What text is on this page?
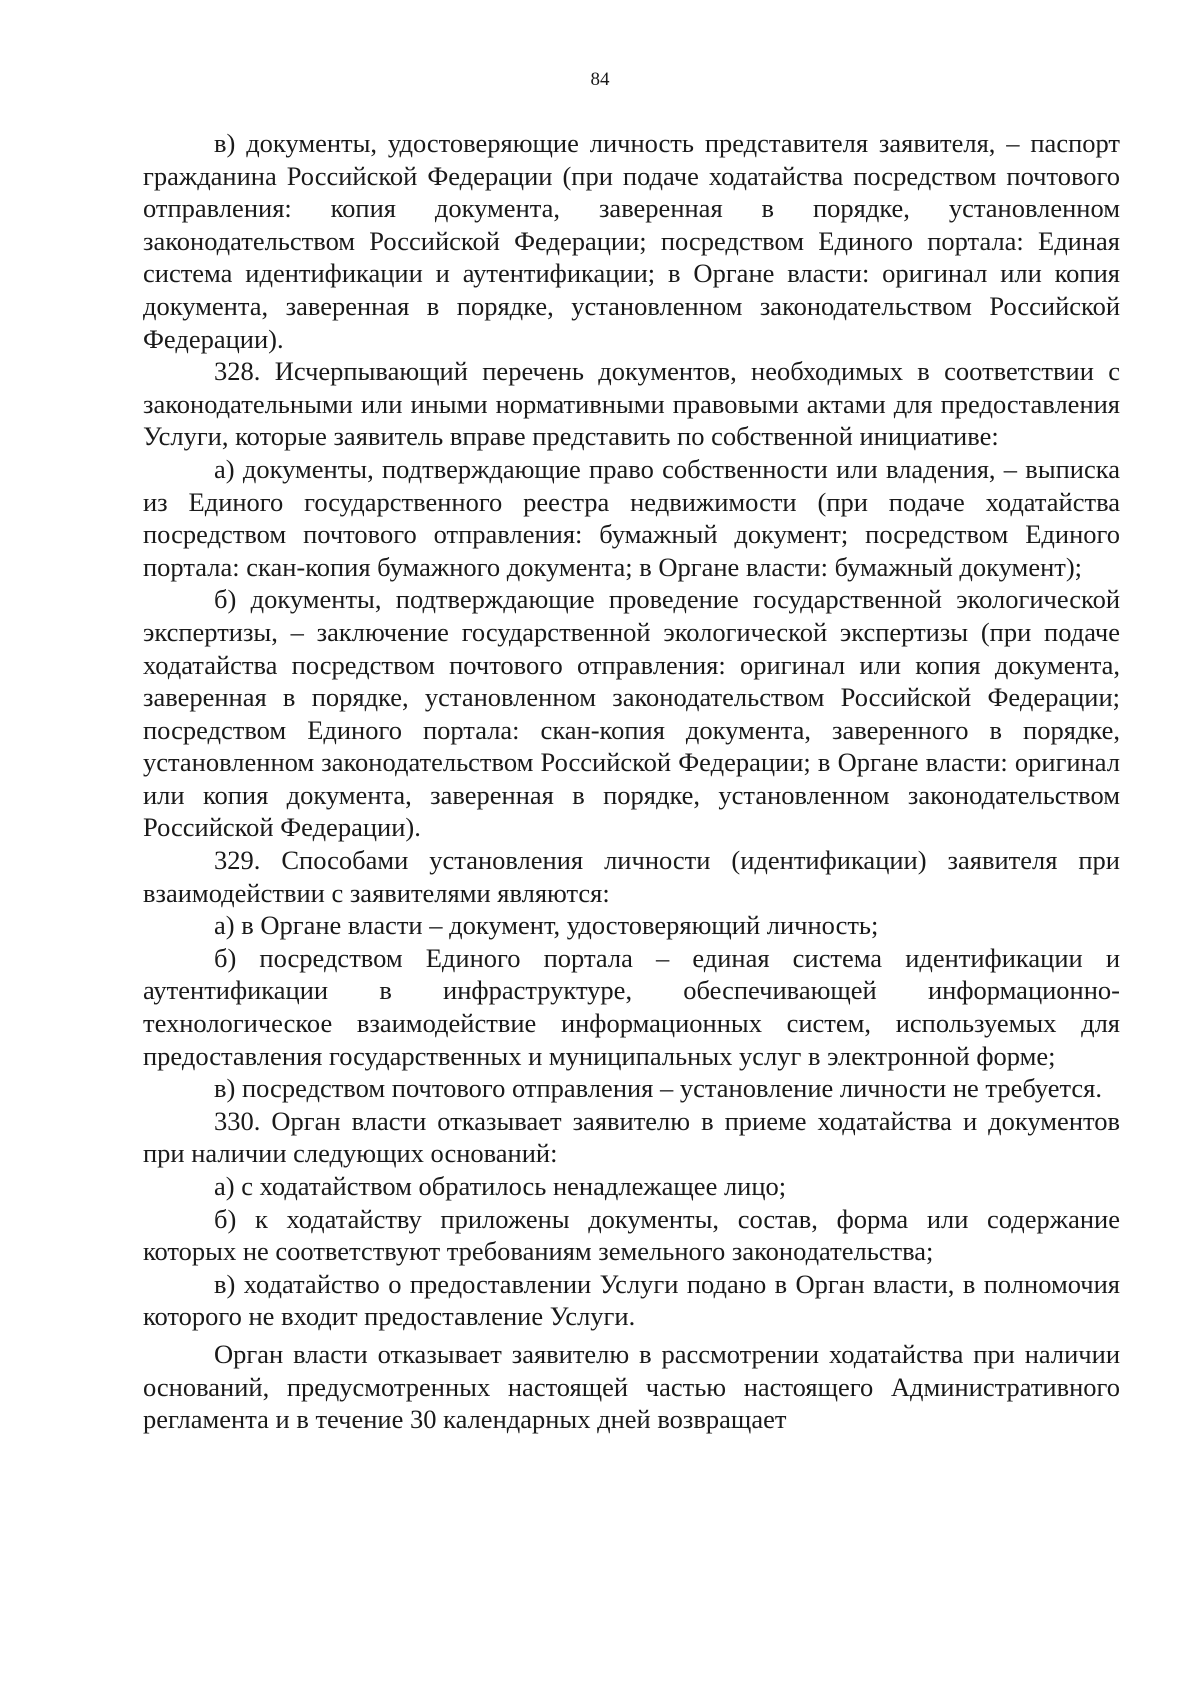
84

в) документы, удостоверяющие личность представителя заявителя, – паспорт гражданина Российской Федерации (при подаче ходатайства посредством почтового отправления: копия документа, заверенная в порядке, установленном законодательством Российской Федерации; посредством Единого портала: Единая система идентификации и аутентификации; в Органе власти: оригинал или копия документа, заверенная в порядке, установленном законодательством Российской Федерации).

328. Исчерпывающий перечень документов, необходимых в соответствии с законодательными или иными нормативными правовыми актами для предоставления Услуги, которые заявитель вправе представить по собственной инициативе:

а) документы, подтверждающие право собственности или владения, – выписка из Единого государственного реестра недвижимости (при подаче ходатайства посредством почтового отправления: бумажный документ; посредством Единого портала: скан-копия бумажного документа; в Органе власти: бумажный документ);

б) документы, подтверждающие проведение государственной экологической экспертизы, – заключение государственной экологической экспертизы (при подаче ходатайства посредством почтового отправления: оригинал или копия документа, заверенная в порядке, установленном законодательством Российской Федерации; посредством Единого портала: скан-копия документа, заверенного в порядке, установленном законодательством Российской Федерации; в Органе власти: оригинал или копия документа, заверенная в порядке, установленном законодательством Российской Федерации).

329. Способами установления личности (идентификации) заявителя при взаимодействии с заявителями являются:

а) в Органе власти – документ, удостоверяющий личность;

б) посредством Единого портала – единая система идентификации и аутентификации в инфраструктуре, обеспечивающей информационно-технологическое взаимодействие информационных систем, используемых для предоставления государственных и муниципальных услуг в электронной форме;

в) посредством почтового отправления – установление личности не требуется.

330. Орган власти отказывает заявителю в приеме ходатайства и документов при наличии следующих оснований:

а) с ходатайством обратилось ненадлежащее лицо;

б) к ходатайству приложены документы, состав, форма или содержание которых не соответствуют требованиям земельного законодательства;

в) ходатайство о предоставлении Услуги подано в Орган власти, в полномочия которого не входит предоставление Услуги.

Орган власти отказывает заявителю в рассмотрении ходатайства при наличии оснований, предусмотренных настоящей частью настоящего Административного регламента и в течение 30 календарных дней возвращает
